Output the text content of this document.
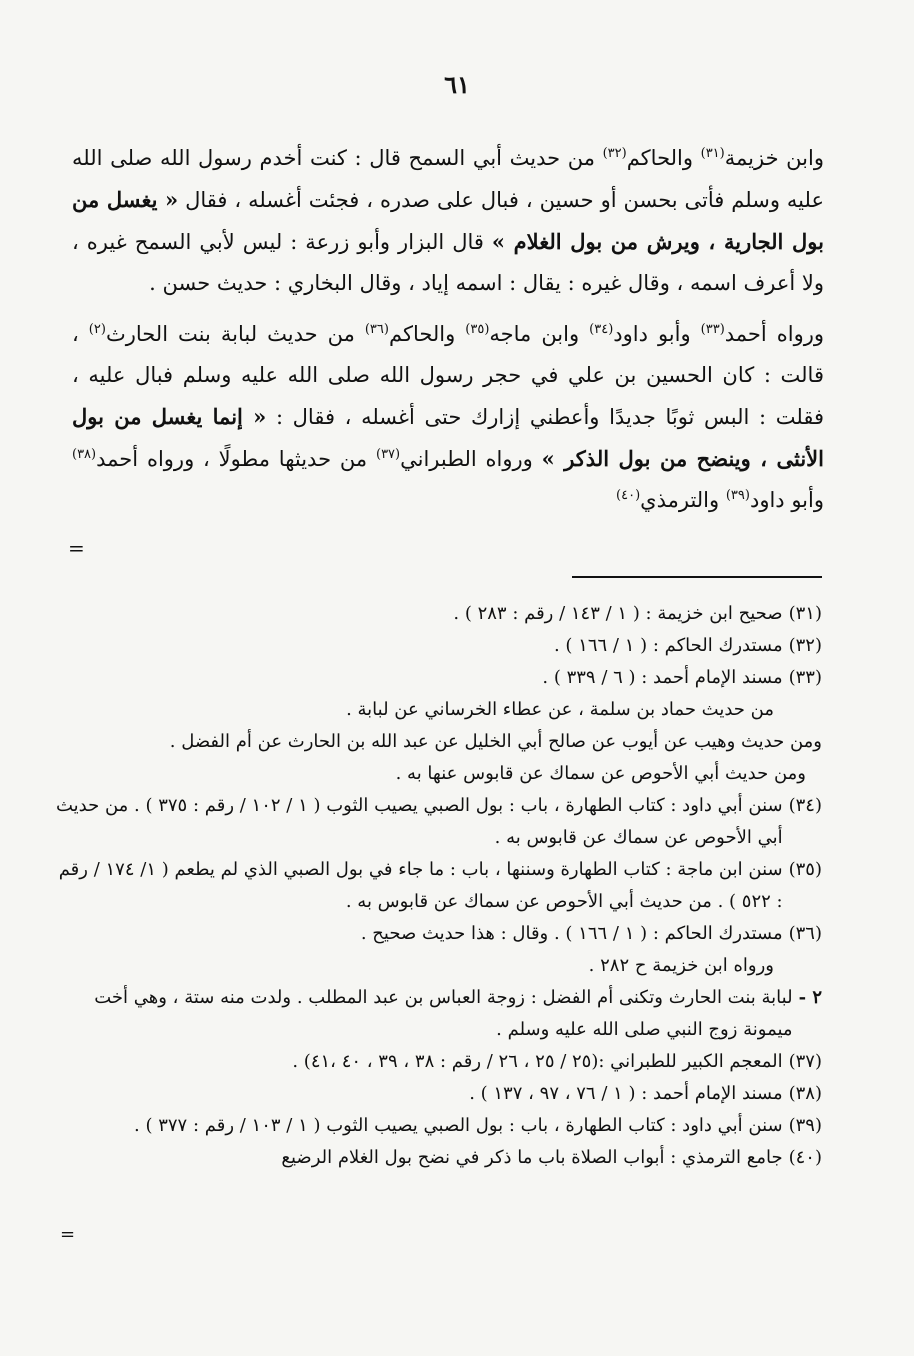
٦١

وابن خزيمة$^{(٣١)}$ والحاكم$^{(٣٢)}$ من حديث أبي السمح قال : كنت أخدم رسول الله صلى الله عليه وسلم فأتى بحسن أو حسين ، فبال على صدره ، فجئت أغسله ، فقال « يغسل من بول الجارية ، ويرش من بول الغلام » قال البزار وأبو زرعة : ليس لأبي السمح غيره ، ولا أعرف اسمه ، وقال غيره : يقال : اسمه إياد ، وقال البخاري : حديث حسن .

ورواه أحمد$^{(٣٣)}$ وأبو داود$^{(٣٤)}$ وابن ماجه$^{(٣٥)}$ والحاكم$^{(٣٦)}$ من حديث لبابة بنت الحارث$^{(٢)}$ ، قالت : كان الحسين بن علي في حجر رسول الله صلى الله عليه وسلم فبال عليه ، فقلت : البس ثوبًا جديدًا وأعطني إزارك حتى أغسله ، فقال : « إنما يغسل من بول الأنثى ، وينضح من بول الذكر » ورواه الطبراني$^{(٣٧)}$ من حديثها مطولًا ، ورواه أحمد$^{(٣٨)}$ وأبو داود$^{(٣٩)}$ والترمذي$^{(٤٠)}$

=
(٣١)
صحيح ابن خزيمة : ( ١ / ١٤٣ / رقم : ٢٨٣ ) .
(٣٢)
مستدرك الحاكم : ( ١ / ١٦٦ ) .
(٣٣)
مسند الإمام أحمد : ( ٦ / ٣٣٩ ) .
من حديث حماد بن سلمة ، عن عطاء الخرساني عن لبابة .
ومن حديث وهيب عن أيوب عن صالح أبي الخليل عن عبد الله بن الحارث عن أم الفضل .
ومن حديث أبي الأحوص عن سماك عن قابوس عنها به .
(٣٤)
سنن أبي داود : كتاب الطهارة ، باب : بول الصبي يصيب الثوب ( ١ / ١٠٢ / رقم : ٣٧٥ ) . من حديث أبي الأحوص عن سماك عن قابوس به .
(٣٥)
سنن ابن ماجة : كتاب الطهارة وسننها ، باب : ما جاء في بول الصبي الذي لم يطعم ( ١/ ١٧٤ / رقم : ٥٢٢ ) . من حديث أبي الأحوص عن سماك عن قابوس به .
(٣٦)
مستدرك الحاكم : ( ١ / ١٦٦ ) . وقال : هذا حديث صحيح .
ورواه ابن خزيمة ح ٢٨٢ .
٢ -
لبابة بنت الحارث وتكنى أم الفضل : زوجة العباس بن عبد المطلب . ولدت منه ستة ، وهي أخت ميمونة زوج النبي صلى الله عليه وسلم .
(٣٧)
المعجم الكبير للطبراني :(٢٥ / ٢٥ ، ٢٦ / رقم : ٣٨ ، ٣٩ ، ٤٠ ،٤١) .
(٣٨)
مسند الإمام أحمد : ( ١ / ٧٦ ، ٩٧ ، ١٣٧ ) .
(٣٩)
سنن أبي داود : كتاب الطهارة ، باب : بول الصبي يصيب الثوب ( ١ / ١٠٣ / رقم : ٣٧٧ ) .
(٤٠)
جامع الترمذي : أبواب الصلاة باب ما ذكر في نضح بول الغلام الرضيع
=
